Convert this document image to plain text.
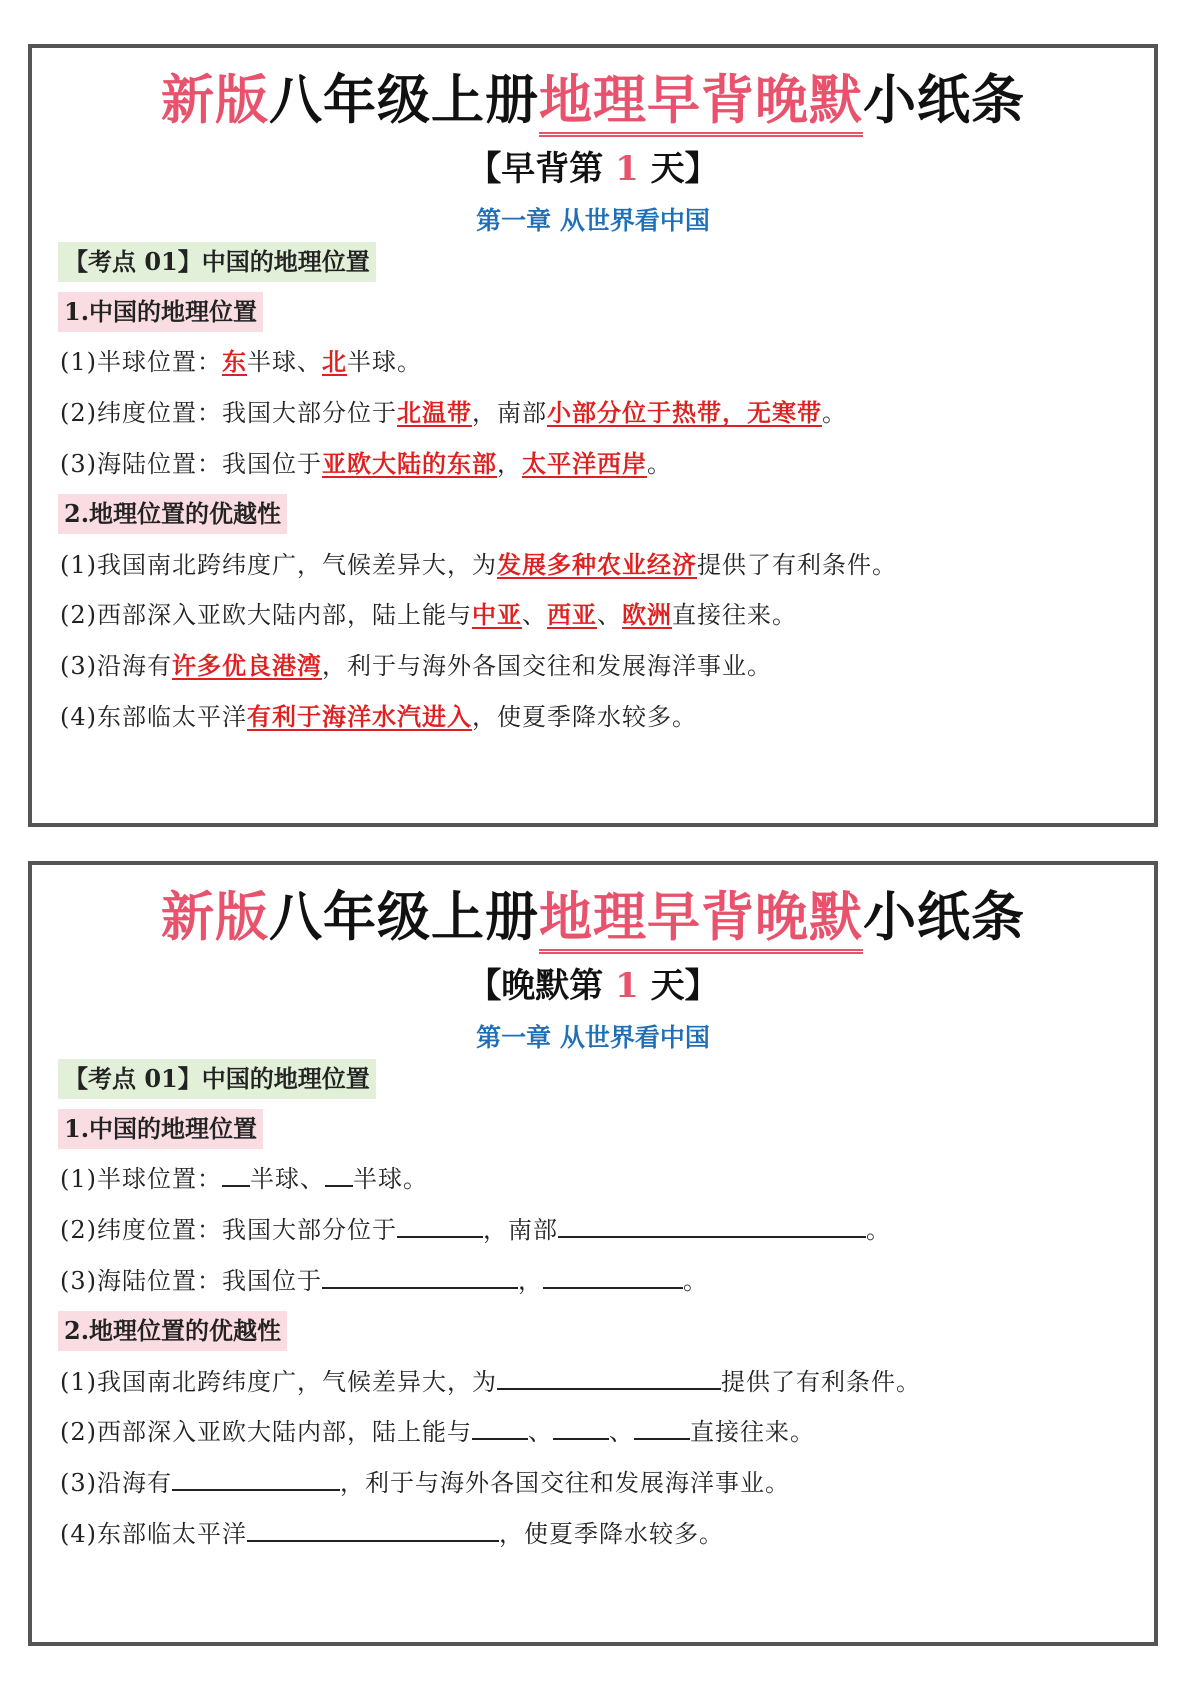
新版八年级上册地理早背晚默小纸条
【早背第 1 天】
第一章 从世界看中国
【考点 01】中国的地理位置
1.中国的地理位置
(1)半球位置：东半球、北半球。
(2)纬度位置：我国大部分位于北温带，南部小部分位于热带，无寒带。
(3)海陆位置：我国位于亚欧大陆的东部，太平洋西岸。
2.地理位置的优越性
(1)我国南北跨纬度广，气候差异大，为发展多种农业经济提供了有利条件。
(2)西部深入亚欧大陆内部，陆上能与中亚、西亚、欧洲直接往来。
(3)沿海有许多优良港湾，利于与海外各国交往和发展海洋事业。
(4)东部临太平洋有利于海洋水汽进入，使夏季降水较多。
新版八年级上册地理早背晚默小纸条
【晚默第 1 天】
第一章 从世界看中国
【考点 01】中国的地理位置
1.中国的地理位置
(1)半球位置： 半球、 半球。
(2)纬度位置：我国大部分位于	，南部	。
(3)海陆位置：我国位于	，	。
2.地理位置的优越性
(1)我国南北跨纬度广，气候差异大，为	提供了有利条件。
(2)西部深入亚欧大陆内部，陆上能与 、 、 直接往来。
(3)沿海有	，利于与海外各国交往和发展海洋事业。
(4)东部临太平洋	，使夏季降水较多。
